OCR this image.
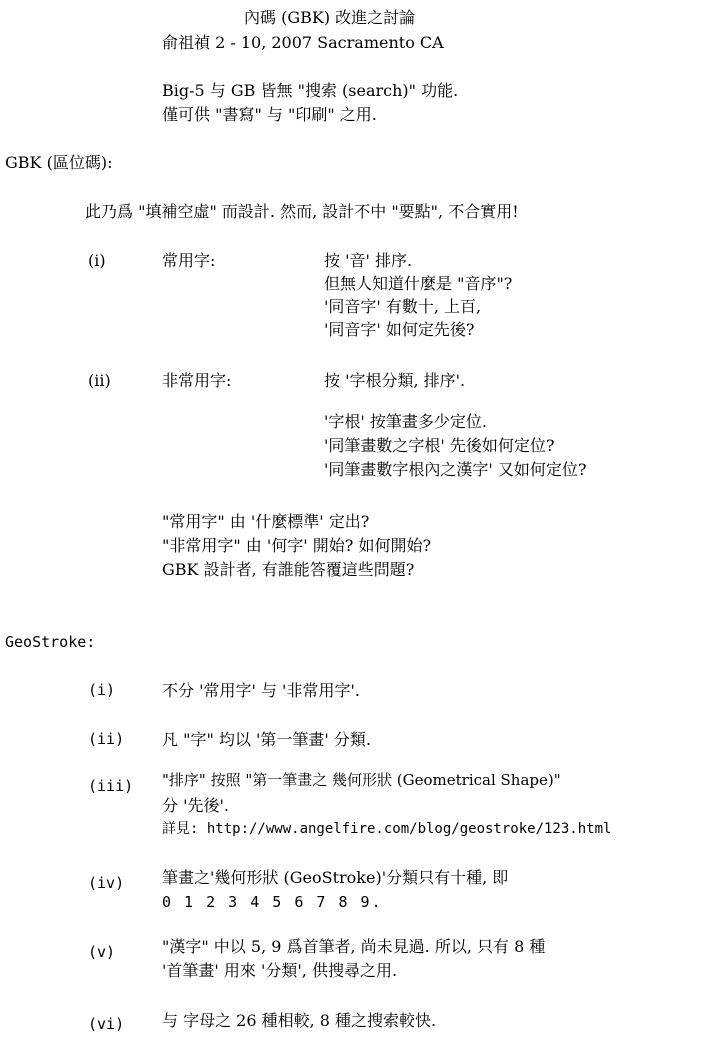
內碼 (GBK) 改進之討論
俞祖禎 2 - 10, 2007 Sacramento CA
Big-5 与 GB 皆無 "搜索 (search)" 功能.
僅可供 "書寫" 与 "印刷" 之用.
GBK (區位碼):
此乃爲 "填補空虛" 而設計. 然而, 設計不中 "要點", 不合實用!
(i)	常用字:	按 '音' 排序.
但無人知道什麼是 "音序"?
'同音字' 有數十, 上百,
'同音字' 如何定先後?
(ii)	非常用字:	按 '字根分類, 排序'.
'字根' 按筆畫多少定位.
'同筆畫數之字根' 先後如何定位?
'同筆畫數字根內之漢字' 又如何定位?
"常用字" 由 '什麼標準' 定出?
"非常用字" 由 '何字' 開始? 如何開始?
GBK 設計者, 有誰能答覆這些問題?
GeoStroke:
(i)	不分 '常用字' 与 '非常用字'.
(ii) 凡 "字" 均以 '第一筆畫' 分類.
(iii) "排序" 按照 "第一筆畫之 幾何形狀 (Geometrical Shape)"
分 '先後'.
詳見: http://www.angelfire.com/blog/geostroke/123.html
(iv) 筆畫之'幾何形狀 (GeoStroke)'分類只有十種, 即
0 1 2 3 4 5 6 7 8 9.
(v)	"漢字" 中以 5, 9 爲首筆者, 尚未見過. 所以, 只有 8 種
'首筆畫' 用來 '分類', 供搜尋之用.
(vi) 与 字母之 26 種相較, 8 種之搜索較快.
